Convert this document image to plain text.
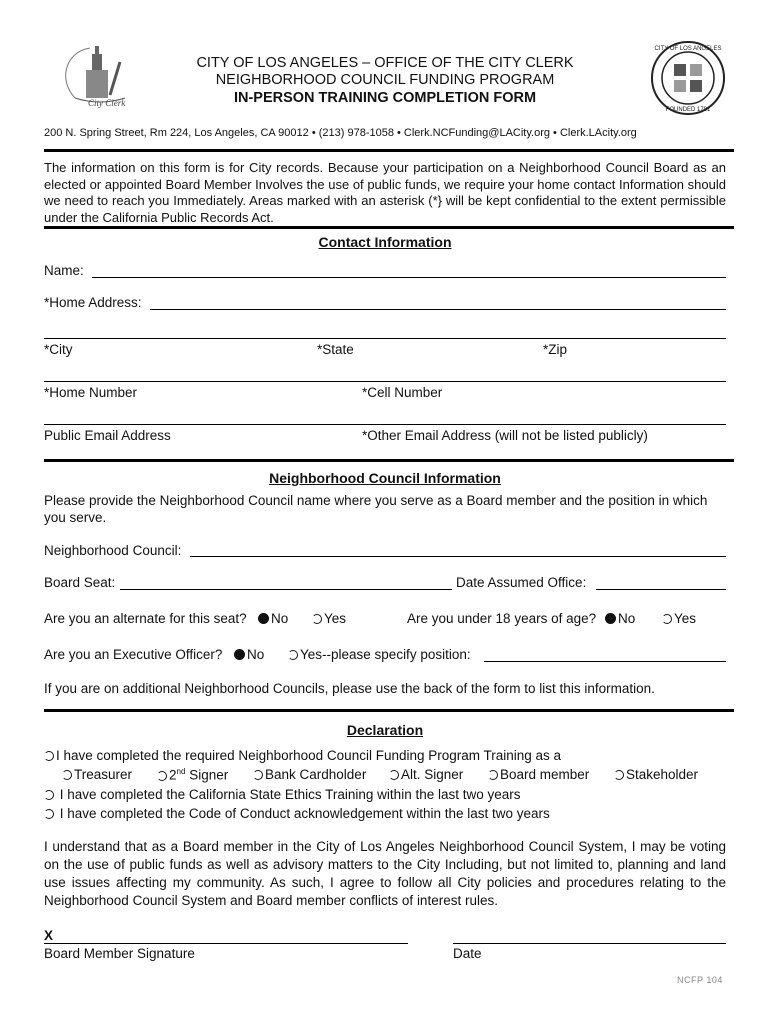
City Clerk
CITY OF LOS ANGELES
FOUNDED 1781
CITY OF LOS ANGELES – OFFICE OF THE CITY CLERK
NEIGHBORHOOD COUNCIL FUNDING PROGRAM
IN-PERSON TRAINING COMPLETION FORM
200 N. Spring Street, Rm 224, Los Angeles, CA 90012 • (213) 978-1058 • Clerk.NCFunding@LACity.org • Clerk.LAcity.org
The information on this form is for City records. Because your participation on a Neighborhood Council Board as an elected or appointed Board Member Involves the use of public funds, we require your home contact Information should we need to reach you Immediately. Areas marked with an asterisk (*} will be kept confidential to the extent permissible under the California Public Records Act.
Contact Information
Name:
*Home Address:
*City	*State	*Zip
*Home Number	*Cell Number
Public Email Address	*Other Email Address (will not be listed publicly)
Neighborhood Council Information
Please provide the Neighborhood Council name where you serve as a Board member and the position in which you serve.
Neighborhood Council:
Board Seat:	Date Assumed Office:
Are you an alternate for this seat?	No	Yes	Are you under 18 years of age?	No	Yes
Are you an Executive Officer?	No	Yes--please specify position:
If you are on additional Neighborhood Councils, please use the back of the form to list this information.
Declaration
I have completed the required Neighborhood Council Funding Program Training as a
Treasurer	2nd Signer	Bank Cardholder	Alt. Signer	Board member	Stakeholder
I have completed the California State Ethics Training within the last two years
I have completed the Code of Conduct acknowledgement within the last two years
I understand that as a Board member in the City of Los Angeles Neighborhood Council System, I may be voting on the use of public funds as well as advisory matters to the City Including, but not limited to, planning and land use issues affecting my community. As such, I agree to follow all City policies and procedures relating to the Neighborhood Council System and Board member conflicts of interest rules.
X
Board Member Signature	Date
NCFP 104
